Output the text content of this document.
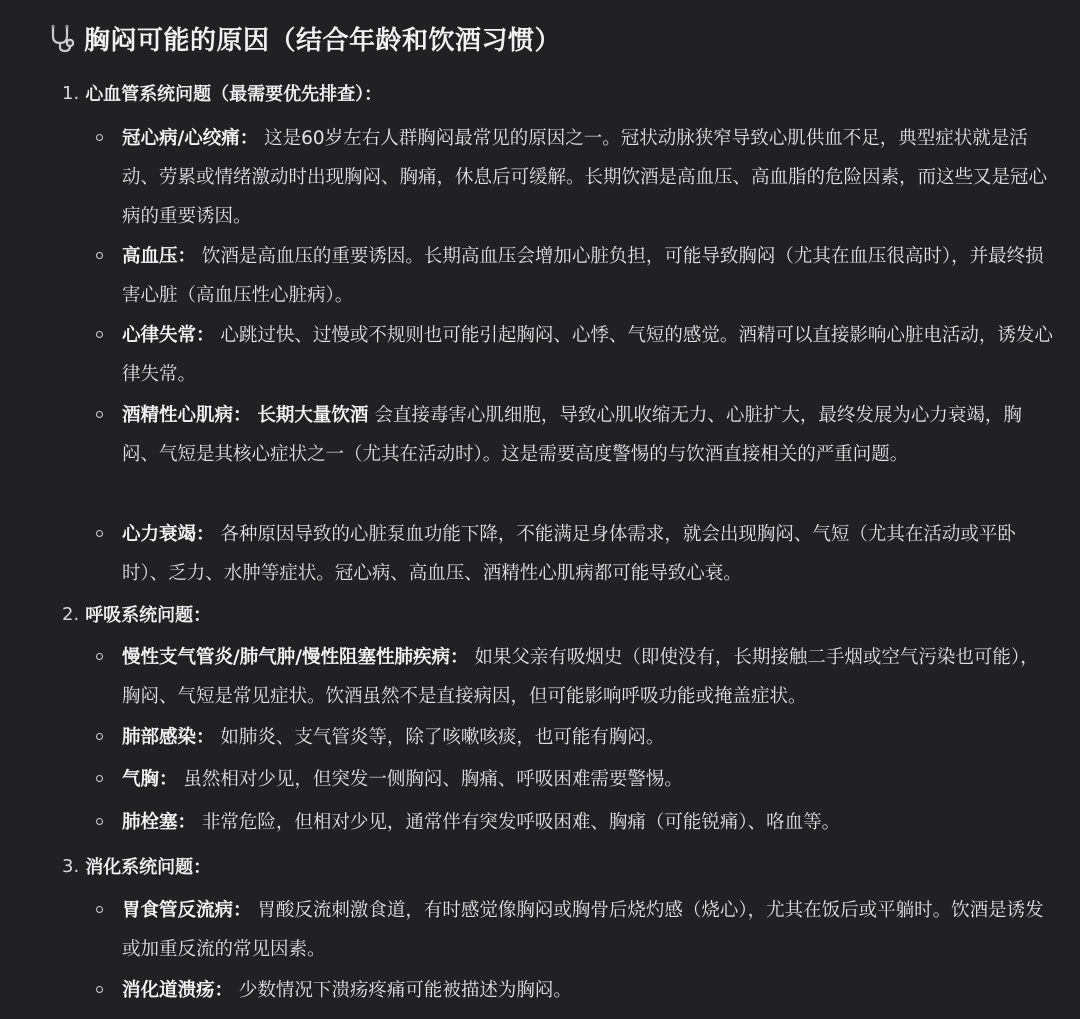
胸闷可能的原因（结合年龄和饮酒习惯）
1. 心血管系统问题（最需要优先排查）：
冠心病/心绞痛： 这是60岁左右人群胸闷最常见的原因之一。冠状动脉狭窄导致心肌供血不足，典型症状就是活动、劳累或情绪激动时出现胸闷、胸痛，休息后可缓解。长期饮酒是高血压、高血脂的危险因素，而这些又是冠心病的重要诱因。
高血压： 饮酒是高血压的重要诱因。长期高血压会增加心脏负担，可能导致胸闷（尤其在血压很高时），并最终损害心脏（高血压性心脏病）。
心律失常： 心跳过快、过慢或不规则也可能引起胸闷、心悸、气短的感觉。酒精可以直接影响心脏电活动，诱发心律失常。
酒精性心肌病： 长期大量饮酒 会直接毒害心肌细胞，导致心肌收缩无力、心脏扩大，最终发展为心力衰竭，胸闷、气短是其核心症状之一（尤其在活动时）。这是需要高度警惕的与饮酒直接相关的严重问题。
心力衰竭： 各种原因导致的心脏泵血功能下降，不能满足身体需求，就会出现胸闷、气短（尤其在活动或平卧时）、乏力、水肿等症状。冠心病、高血压、酒精性心肌病都可能导致心衰。
2. 呼吸系统问题：
慢性支气管炎/肺气肿/慢性阻塞性肺疾病： 如果父亲有吸烟史（即使没有，长期接触二手烟或空气污染也可能），胸闷、气短是常见症状。饮酒虽然不是直接病因，但可能影响呼吸功能或掩盖症状。
肺部感染： 如肺炎、支气管炎等，除了咳嗽咳痰，也可能有胸闷。
气胸： 虽然相对少见，但突发一侧胸闷、胸痛、呼吸困难需要警惕。
肺栓塞： 非常危险，但相对少见，通常伴有突发呼吸困难、胸痛（可能锐痛）、咯血等。
3. 消化系统问题：
胃食管反流病： 胃酸反流刺激食道，有时感觉像胸闷或胸骨后烧灼感（烧心），尤其在饭后或平躺时。饮酒是诱发或加重反流的常见因素。
消化道溃疡： 少数情况下溃疡疼痛可能被描述为胸闷。
